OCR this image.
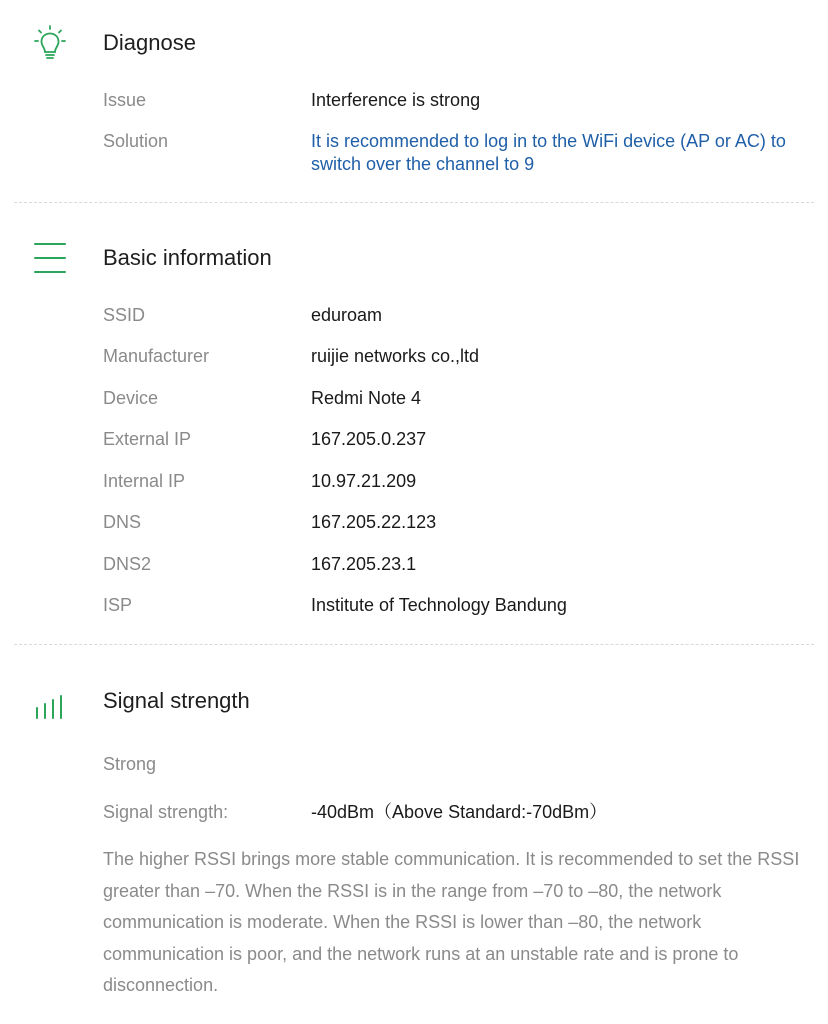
Diagnose
Issue	Interference is strong
Solution	It is recommended to log in to the WiFi device (AP or AC) to switch over the channel to 9
Basic information
SSID	eduroam
Manufacturer	ruijie networks co.,ltd
Device	Redmi Note 4
External IP	167.205.0.237
Internal IP	10.97.21.209
DNS	167.205.22.123
DNS2	167.205.23.1
ISP	Institute of Technology Bandung
Signal strength
Strong
Signal strength:	-40dBm（Above Standard:-70dBm）
The higher RSSI brings more stable communication. It is recommended to set the RSSI greater than –70. When the RSSI is in the range from –70 to –80, the network communication is moderate. When the RSSI is lower than –80, the network communication is poor, and the network runs at an unstable rate and is prone to disconnection.
